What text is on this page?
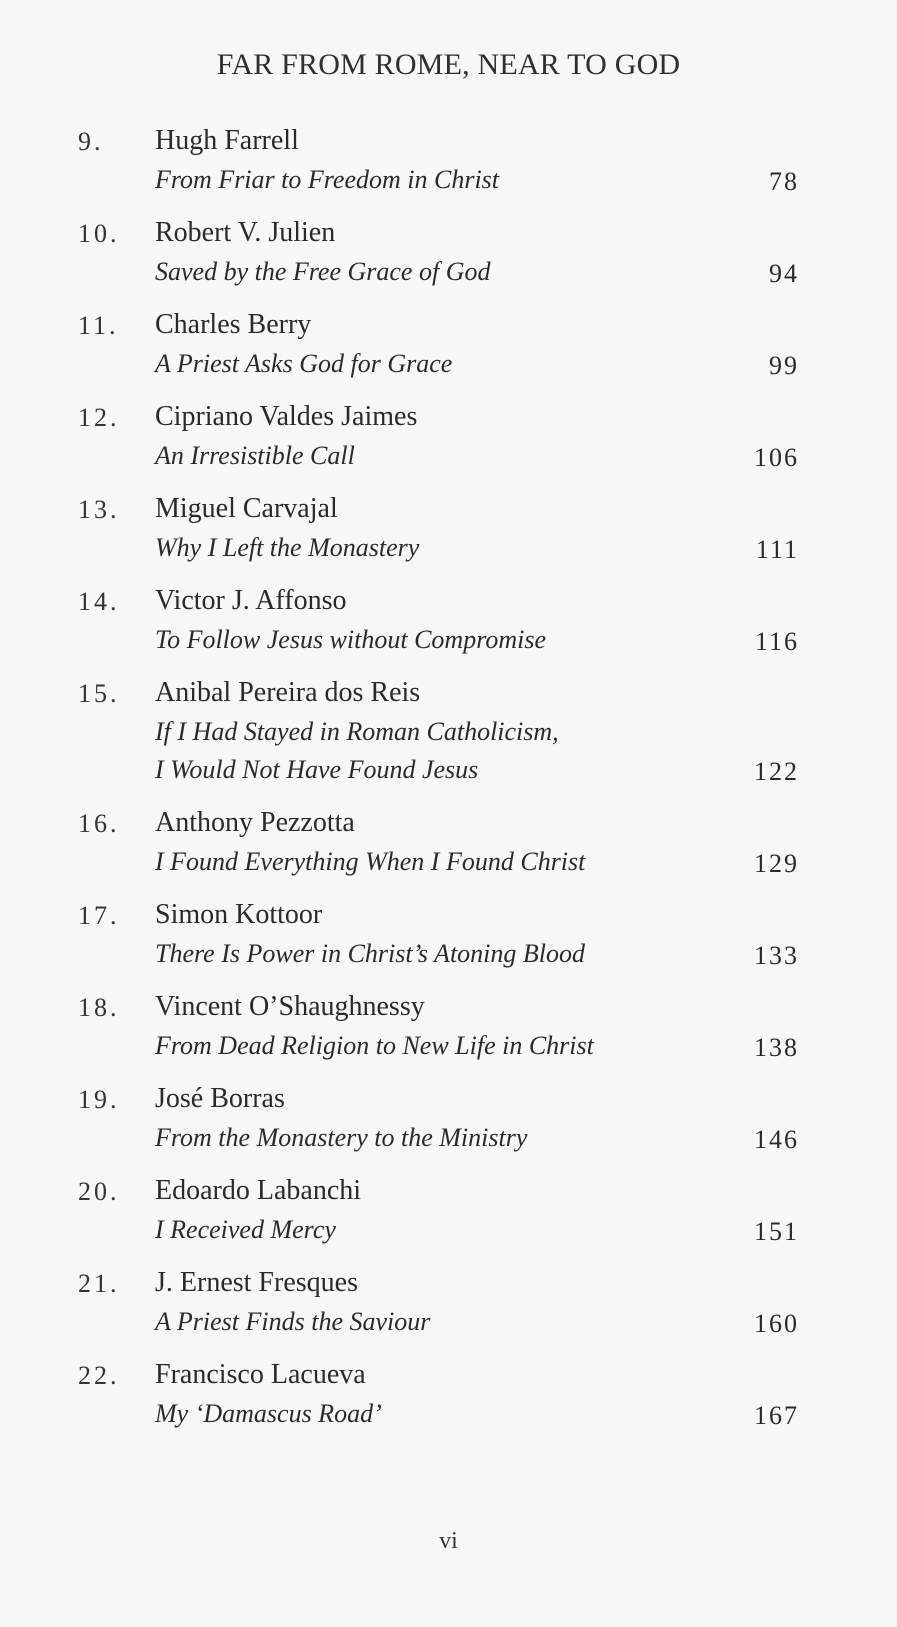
FAR FROM ROME, NEAR TO GOD
9. Hugh Farrell
From Friar to Freedom in Christ	78
10. Robert V. Julien
Saved by the Free Grace of God	94
11. Charles Berry
A Priest Asks God for Grace	99
12. Cipriano Valdes Jaimes
An Irresistible Call	106
13. Miguel Carvajal
Why I Left the Monastery	111
14. Victor J. Affonso
To Follow Jesus without Compromise	116
15. Anibal Pereira dos Reis
If I Had Stayed in Roman Catholicism,
I Would Not Have Found Jesus	122
16. Anthony Pezzotta
I Found Everything When I Found Christ	129
17. Simon Kottoor
There Is Power in Christ’s Atoning Blood	133
18. Vincent O’Shaughnessy
From Dead Religion to New Life in Christ	138
19. José Borras
From the Monastery to the Ministry	146
20. Edoardo Labanchi
I Received Mercy	151
21. J. Ernest Fresques
A Priest Finds the Saviour	160
22. Francisco Lacueva
My ‘Damascus Road’	167
vi
